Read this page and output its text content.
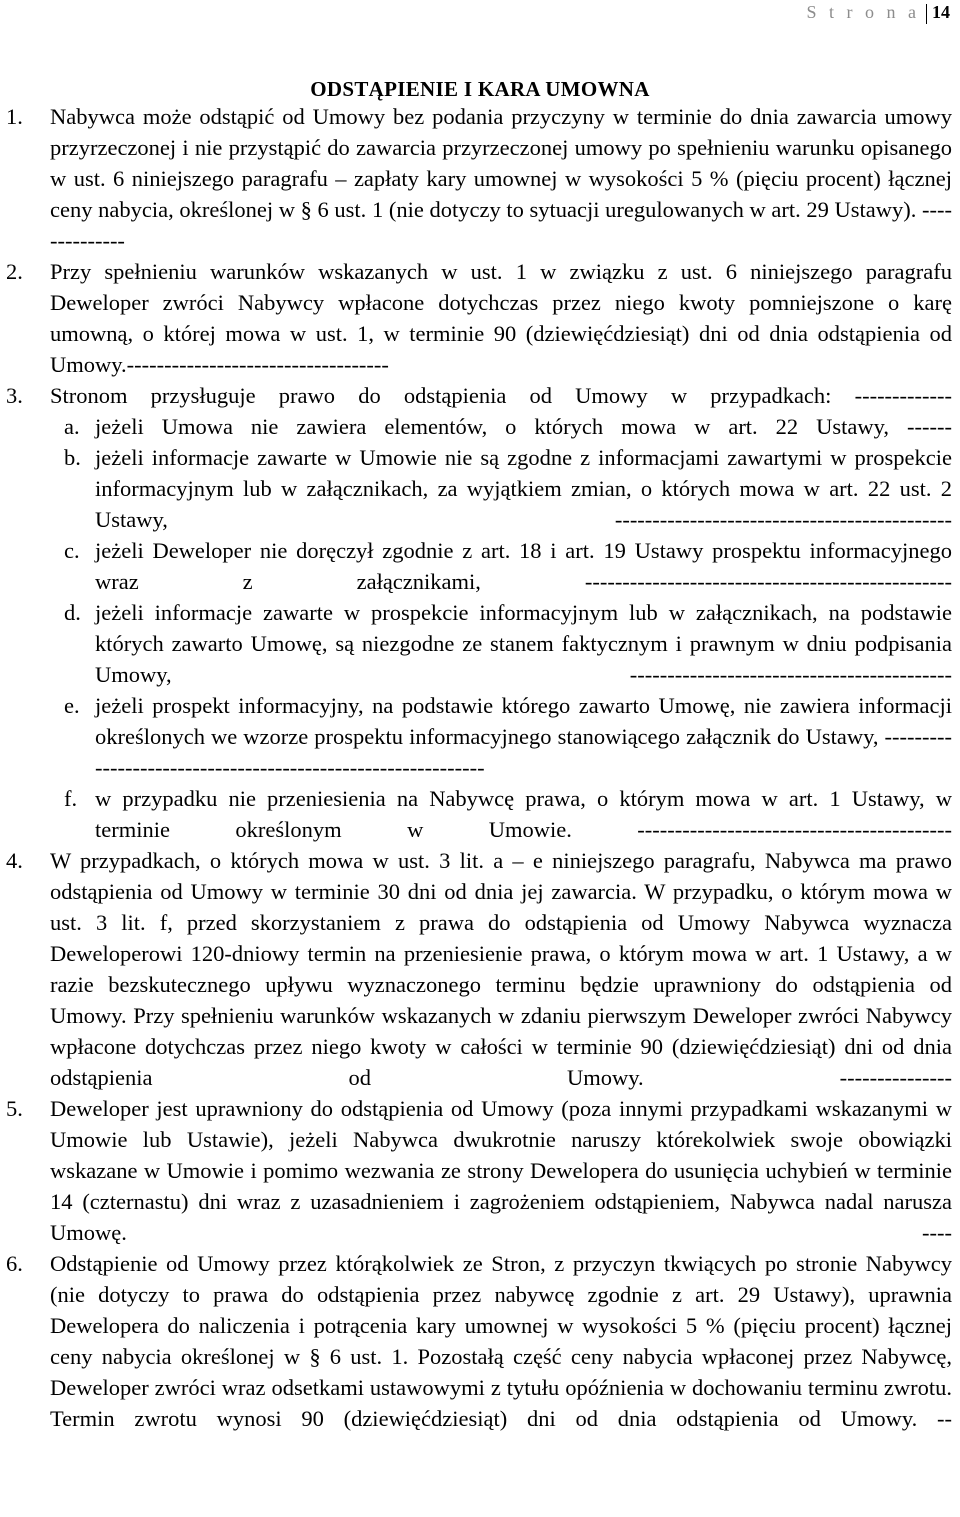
S t r o n a 14
ODSTĄPIENIE I KARA UMOWNA
1. Nabywca może odstąpić od Umowy bez podania przyczyny w terminie do dnia zawarcia umowy przyrzeczonej i nie przystąpić do zawarcia przyrzeczonej umowy po spełnieniu warunku opisanego w ust. 6 niniejszego paragrafu – zapłaty kary umownej w wysokości 5 % (pięciu procent) łącznej ceny nabycia, określonej w § 6 ust. 1 (nie dotyczy to sytuacji uregulowanych w art. 29 Ustawy). --------------
2. Przy spełnieniu warunków wskazanych w ust. 1 w związku z ust. 6 niniejszego paragrafu Deweloper zwróci Nabywcy wpłacone dotychczas przez niego kwoty pomniejszone o karę umowną, o której mowa w ust. 1, w terminie 90 (dziewięćdziesiąt) dni od dnia odstąpienia od Umowy.-----------------------------------
3. Stronom przysługuje prawo do odstąpienia od Umowy w przypadkach: -------------
a. jeżeli Umowa nie zawiera elementów, o których mowa w art. 22 Ustawy, ------
b. jeżeli informacje zawarte w Umowie nie są zgodne z informacjami zawartymi w prospekcie informacyjnym lub w załącznikach, za wyjątkiem zmian, o których mowa w art. 22 ust. 2 Ustawy, ---------------------------------------------
c. jeżeli Deweloper nie doręczył zgodnie z art. 18 i art. 19 Ustawy prospektu informacyjnego wraz z załącznikami, -------------------------------------------------
d. jeżeli informacje zawarte w prospekcie informacyjnym lub w załącznikach, na podstawie których zawarto Umowę, są niezgodne ze stanem faktycznym i prawnym w dniu podpisania Umowy, -------------------------------------------
e. jeżeli prospekt informacyjny, na podstawie którego zawarto Umowę, nie zawiera informacji określonych we wzorze prospektu informacyjnego stanowiącego załącznik do Ustawy, -------------------------------------------------------------
f. w przypadku nie przeniesienia na Nabywcę prawa, o którym mowa w art. 1 Ustawy, w terminie określonym w Umowie. ------------------------------------------
4. W przypadkach, o których mowa w ust. 3 lit. a – e niniejszego paragrafu, Nabywca ma prawo odstąpienia od Umowy w terminie 30 dni od dnia jej zawarcia. W przypadku, o którym mowa w ust. 3 lit. f, przed skorzystaniem z prawa do odstąpienia od Umowy Nabywca wyznacza Deweloperowi 120-dniowy termin na przeniesienie prawa, o którym mowa w art. 1 Ustawy, a w razie bezskutecznego upływu wyznaczonego terminu będzie uprawniony do odstąpienia od Umowy. Przy spełnieniu warunków wskazanych w zdaniu pierwszym Deweloper zwróci Nabywcy wpłacone dotychczas przez niego kwoty w całości w terminie 90 (dziewięćdziesiąt) dni od dnia odstąpienia od Umowy. ---------------
5. Deweloper jest uprawniony do odstąpienia od Umowy (poza innymi przypadkami wskazanymi w Umowie lub Ustawie), jeżeli Nabywca dwukrotnie naruszy którekolwiek swoje obowiązki wskazane w Umowie i pomimo wezwania ze strony Dewelopera do usunięcia uchybień w terminie 14 (czternastu) dni wraz z uzasadnieniem i zagrożeniem odstąpieniem, Nabywca nadal narusza Umowę. ----
6. Odstąpienie od Umowy przez którąkolwiek ze Stron, z przyczyn tkwiących po stronie Nabywcy (nie dotyczy to prawa do odstąpienia przez nabywcę zgodnie z art. 29 Ustawy), uprawnia Dewelopera do naliczenia i potrącenia kary umownej w wysokości 5 % (pięciu procent) łącznej ceny nabycia określonej w § 6 ust. 1. Pozostałą część ceny nabycia wpłaconej przez Nabywcę, Deweloper zwróci wraz odsetkami ustawowymi z tytułu opóźnienia w dochowaniu terminu zwrotu. Termin zwrotu wynosi 90 (dziewięćdziesiąt) dni od dnia odstąpienia od Umowy. --
